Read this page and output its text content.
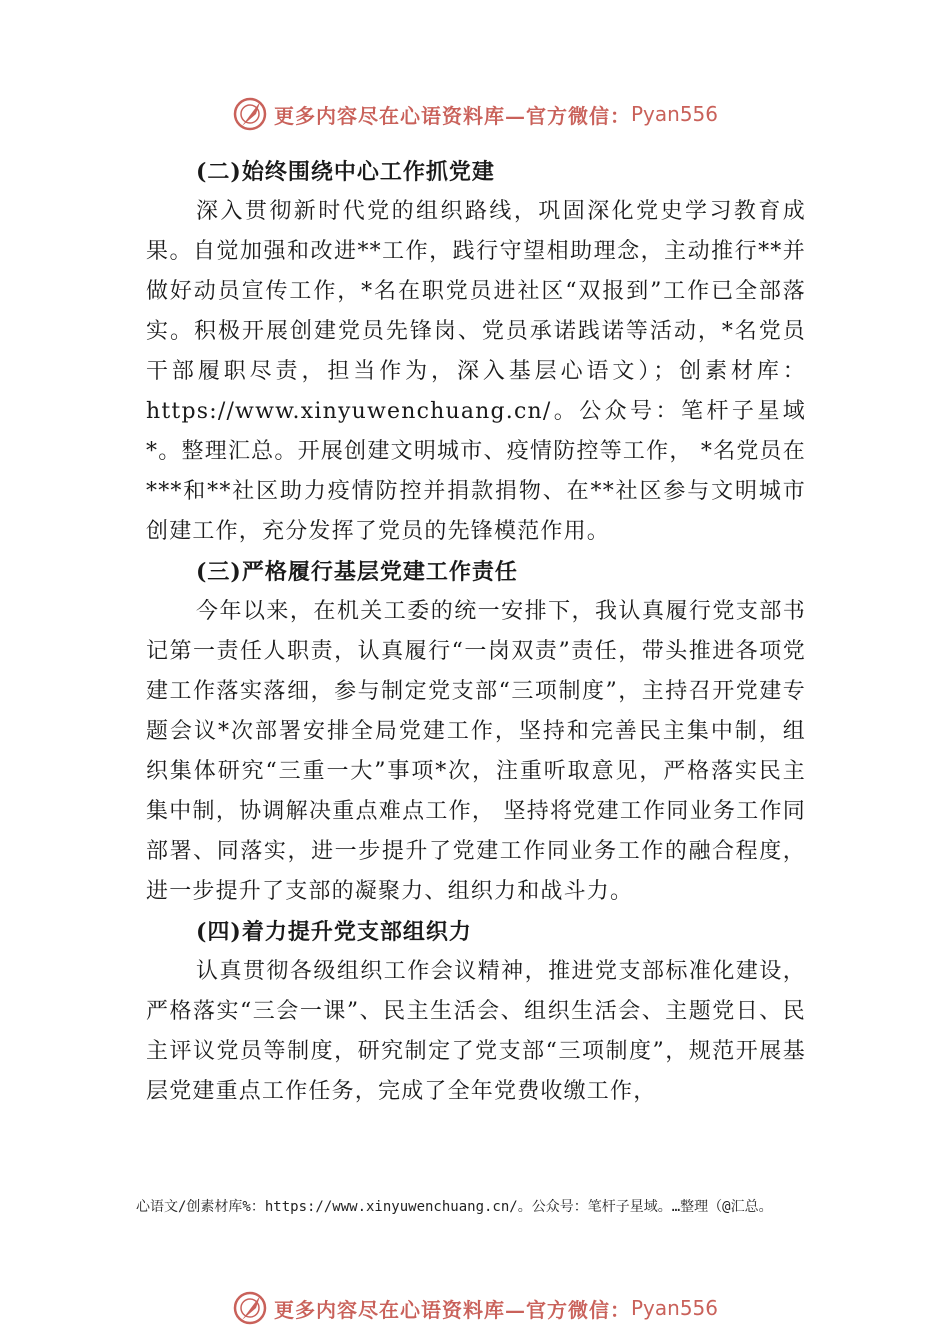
更多内容尽在心语资料库—官方微信： Pyan556
(二)始终围绕中心工作抓党建

深入贯彻新时代党的组织路线，巩固深化党史学习教育成果。自觉加强和改进**工作，践行守望相助理念，主动推行**并做好动员宣传工作，*名在职党员进社区“双报到”工作已全部落实。积极开展创建党员先锋岗、党员承诺践诺等活动，*名党员干部履职尽责，担当作为，深入基层心语文）；创素材库：https://www.xinyuwenchuang.cn/。公众号：笔杆子星域*。整理汇总。开展创建文明城市、疫情防控等工作， *名党员在***和**社区助力疫情防控并捐款捐物、在**社区参与文明城市创建工作，充分发挥了党员的先锋模范作用。

(三)严格履行基层党建工作责任

今年以来，在机关工委的统一安排下，我认真履行党支部书记第一责任人职责，认真履行“一岗双责”责任，带头推进各项党建工作落实落细，参与制定党支部“三项制度”，主持召开党建专题会议*次部署安排全局党建工作，坚持和完善民主集中制，组织集体研究“三重一大”事项*次，注重听取意见，严格落实民主集中制，协调解决重点难点工作， 坚持将党建工作同业务工作同部署、同落实，进一步提升了党建工作同业务工作的融合程度，进一步提升了支部的凝聚力、组织力和战斗力。

(四)着力提升党支部组织力

认真贯彻各级组织工作会议精神，推进党支部标准化建设，严格落实“三会一课”、民主生活会、组织生活会、主题党日、民主评议党员等制度，研究制定了党支部“三项制度”，规范开展基层党建重点工作任务，完成了全年党费收缴工作，

心语文/创素材库%：https://www.xinyuwenchuang.cn/。公众号：笔杆子星域。…整理（@汇总。
更多内容尽在心语资料库—官方微信： Pyan556
